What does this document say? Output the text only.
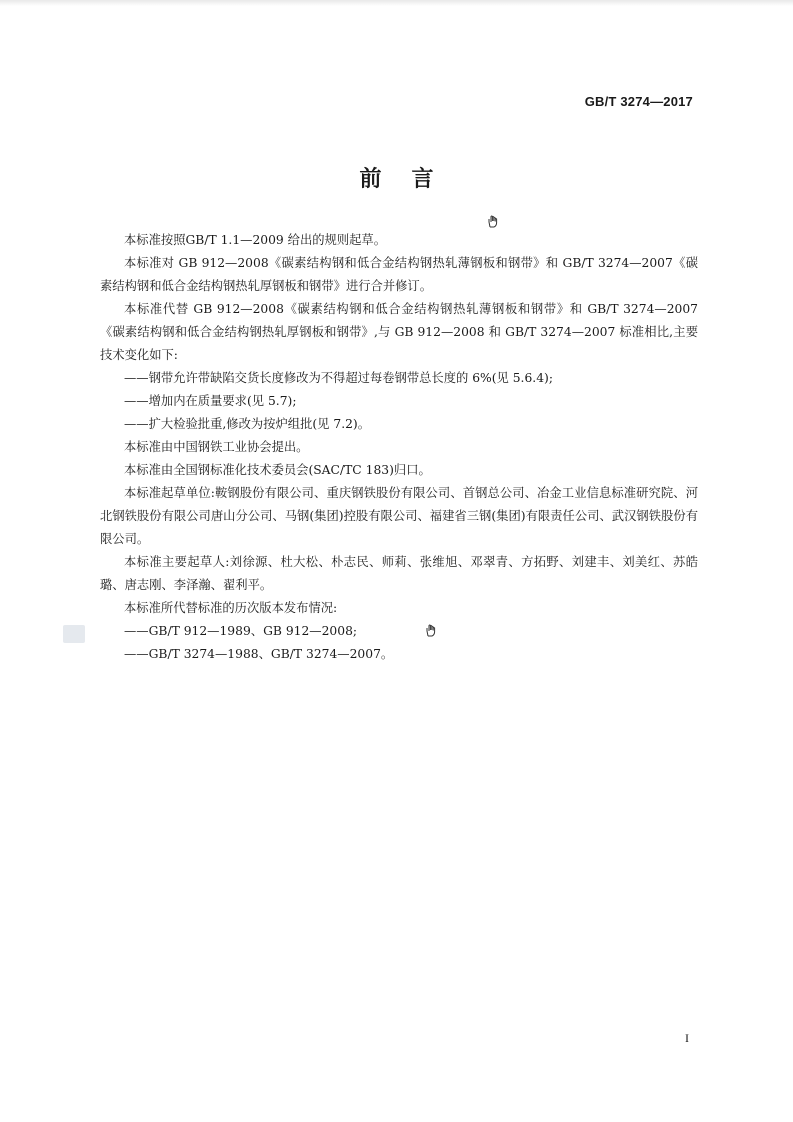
GB/T 3274—2017
前言

本标准按照GB/T 1.1—2009 给出的规则起草。

本标准对 GB 912—2008《碳素结构钢和低合金结构钢热轧薄钢板和钢带》和 GB/T 3274—2007《碳素结构钢和低合金结构钢热轧厚钢板和钢带》进行合并修订。

本标准代替 GB 912—2008《碳素结构钢和低合金结构钢热轧薄钢板和钢带》和 GB/T 3274—2007《碳素结构钢和低合金结构钢热轧厚钢板和钢带》,与 GB 912—2008 和 GB/T 3274—2007 标准相比,主要技术变化如下:

——钢带允许带缺陷交货长度修改为不得超过每卷钢带总长度的 6%(见 5.6.4);

——增加内在质量要求(见 5.7);

——扩大检验批重,修改为按炉组批(见 7.2)。

本标准由中国钢铁工业协会提出。

本标准由全国钢标准化技术委员会(SAC/TC 183)归口。

本标准起草单位:鞍钢股份有限公司、重庆钢铁股份有限公司、首钢总公司、冶金工业信息标准研究院、河北钢铁股份有限公司唐山分公司、马钢(集团)控股有限公司、福建省三钢(集团)有限责任公司、武汉钢铁股份有限公司。

本标准主要起草人:刘徐源、杜大松、朴志民、师莉、张维旭、邓翠青、方拓野、刘建丰、刘美红、苏皓璐、唐志刚、李泽瀚、翟利平。

本标准所代替标准的历次版本发布情况:

——GB/T 912—1989、GB 912—2008;

——GB/T 3274—1988、GB/T 3274—2007。

I
